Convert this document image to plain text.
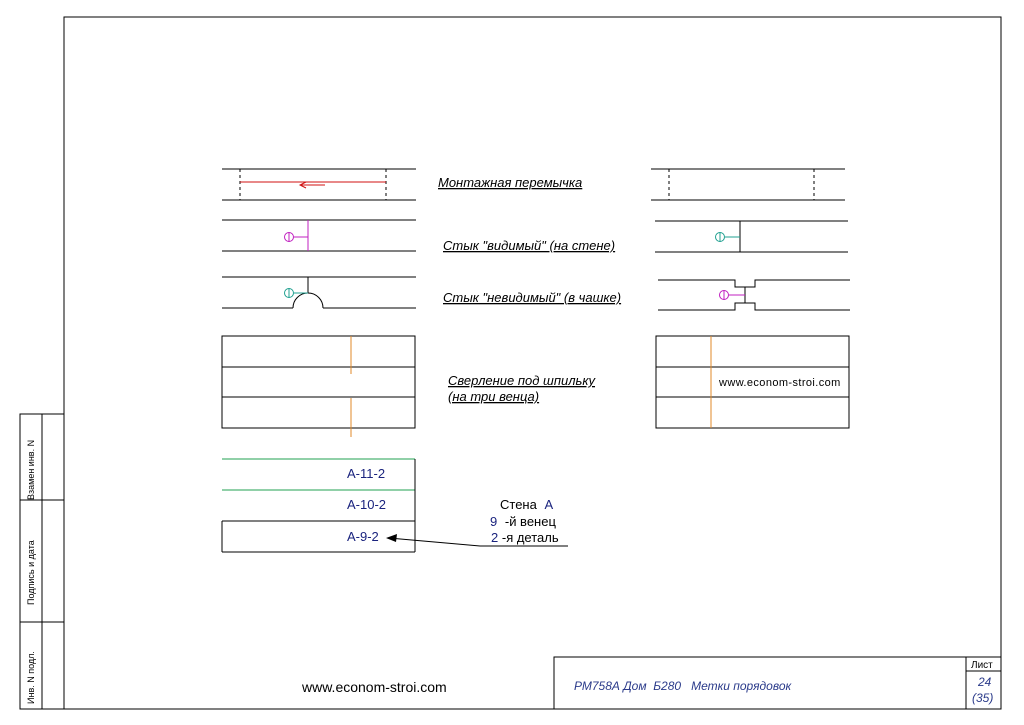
Взамен инв. N
Подпись и дата
Инв. N подл.
Монтажная перемычка
Стык "видимый" (на стене)
Стык "невидимый" (в чашке)
Сверление под шпильку
(на три венца)
www.econom-stroi.com
А-11-2
А-10-2
А-9-2
Стена А
9 -й венец
2 -я деталь
www.econom-stroi.com	РМ758А Дом  Б280   Метки порядовок
Лист
24
(35)
